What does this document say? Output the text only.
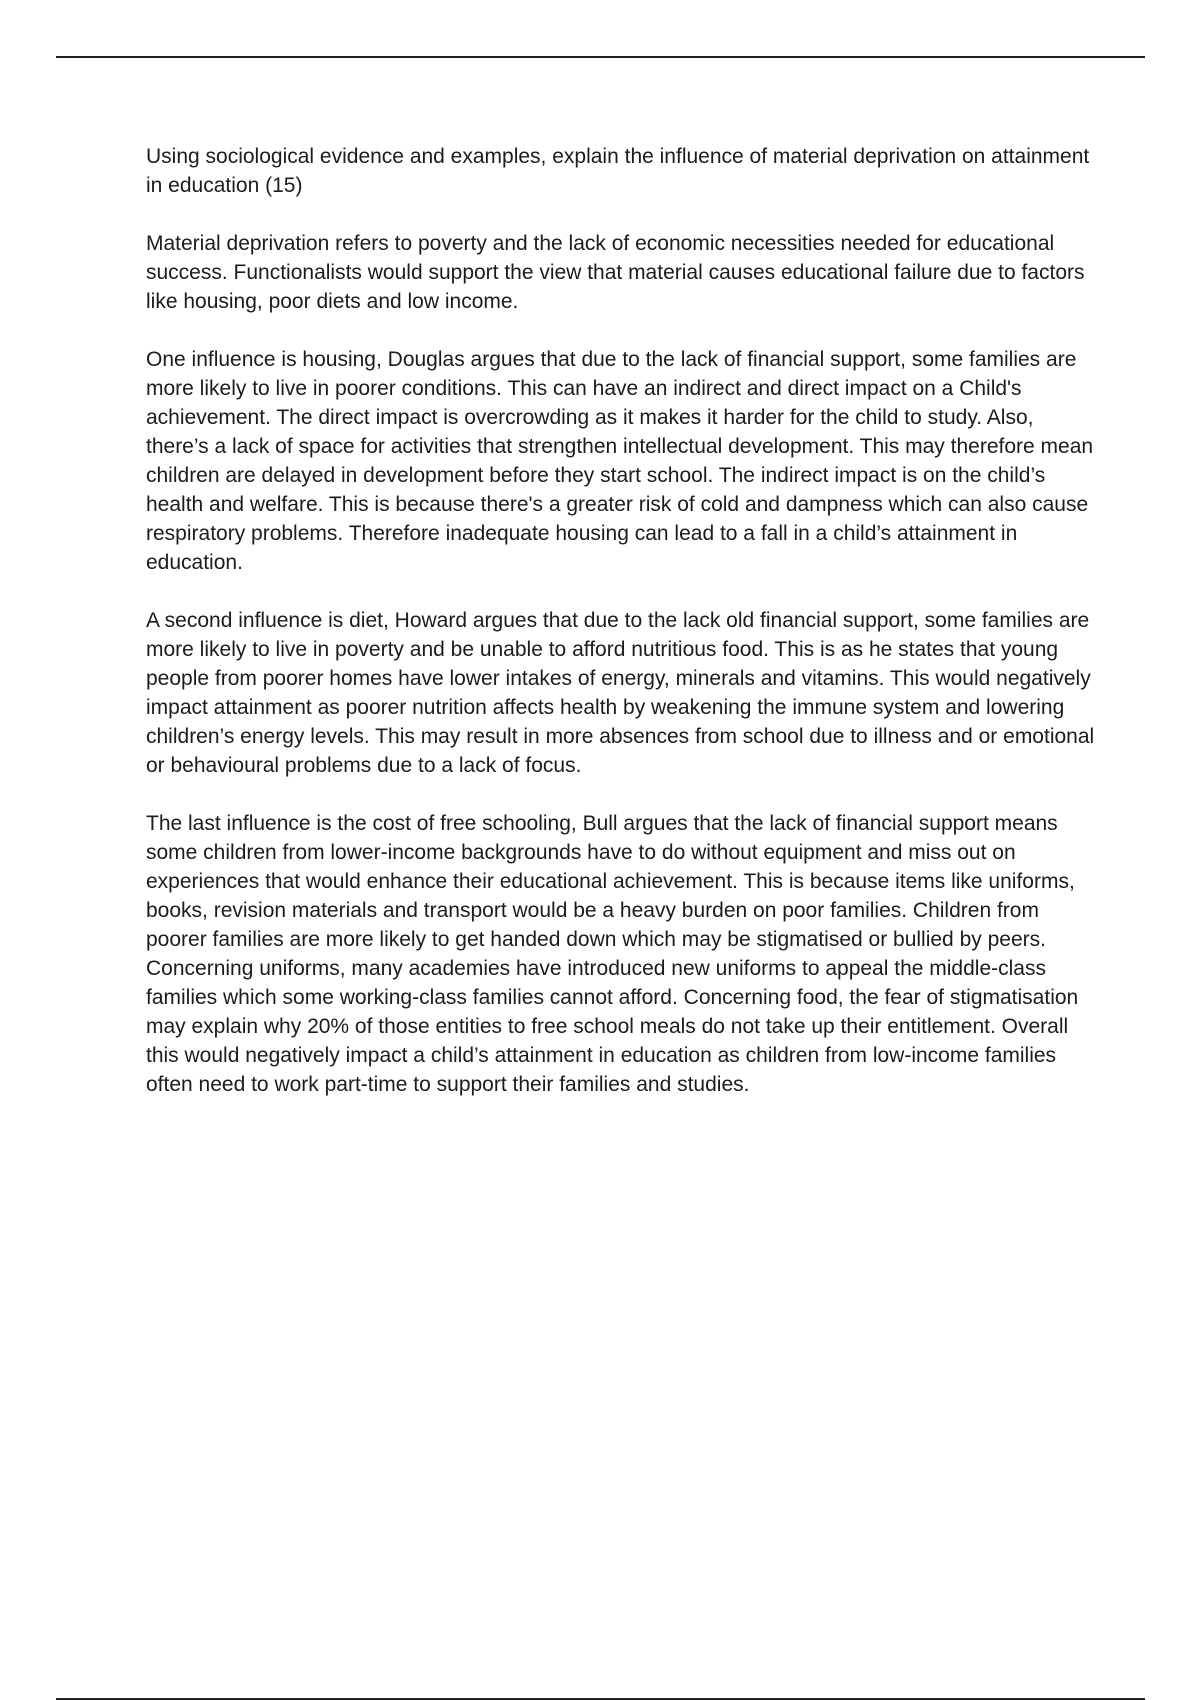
Using sociological evidence and examples, explain the influence of material deprivation on attainment in education (15)

Material deprivation refers to poverty and the lack of economic necessities needed for educational success. Functionalists would support the view that material causes educational failure due to factors like housing, poor diets and low income.

One influence is housing, Douglas argues that due to the lack of financial support, some families are more likely to live in poorer conditions. This can have an indirect and direct impact on a Child's achievement. The direct impact is overcrowding as it makes it harder for the child to study. Also, there’s a lack of space for activities that strengthen intellectual development. This may therefore mean children are delayed in development before they start school. The indirect impact is on the child’s health and welfare. This is because there's a greater risk of cold and dampness which can also cause respiratory problems. Therefore inadequate housing can lead to a fall in a child’s attainment in education.

A second influence is diet, Howard argues that due to the lack old financial support, some families are more likely to live in poverty and be unable to afford nutritious food. This is as he states that young people from poorer homes have lower intakes of energy, minerals and vitamins. This would negatively impact attainment as poorer nutrition affects health by weakening the immune system and lowering children’s energy levels. This may result in more absences from school due to illness and or emotional or behavioural problems due to a lack of focus.

The last influence is the cost of free schooling, Bull argues that the lack of financial support means some children from lower-income backgrounds have to do without equipment and miss out on experiences that would enhance their educational achievement. This is because items like uniforms, books, revision materials and transport would be a heavy burden on poor families. Children from poorer families are more likely to get handed down which may be stigmatised or bullied by peers. Concerning uniforms, many academies have introduced new uniforms to appeal the middle-class families which some working-class families cannot afford. Concerning food, the fear of stigmatisation may explain why 20% of those entities to free school meals do not take up their entitlement. Overall this would negatively impact a child’s attainment in education as children from low-income families often need to work part-time to support their families and studies.
